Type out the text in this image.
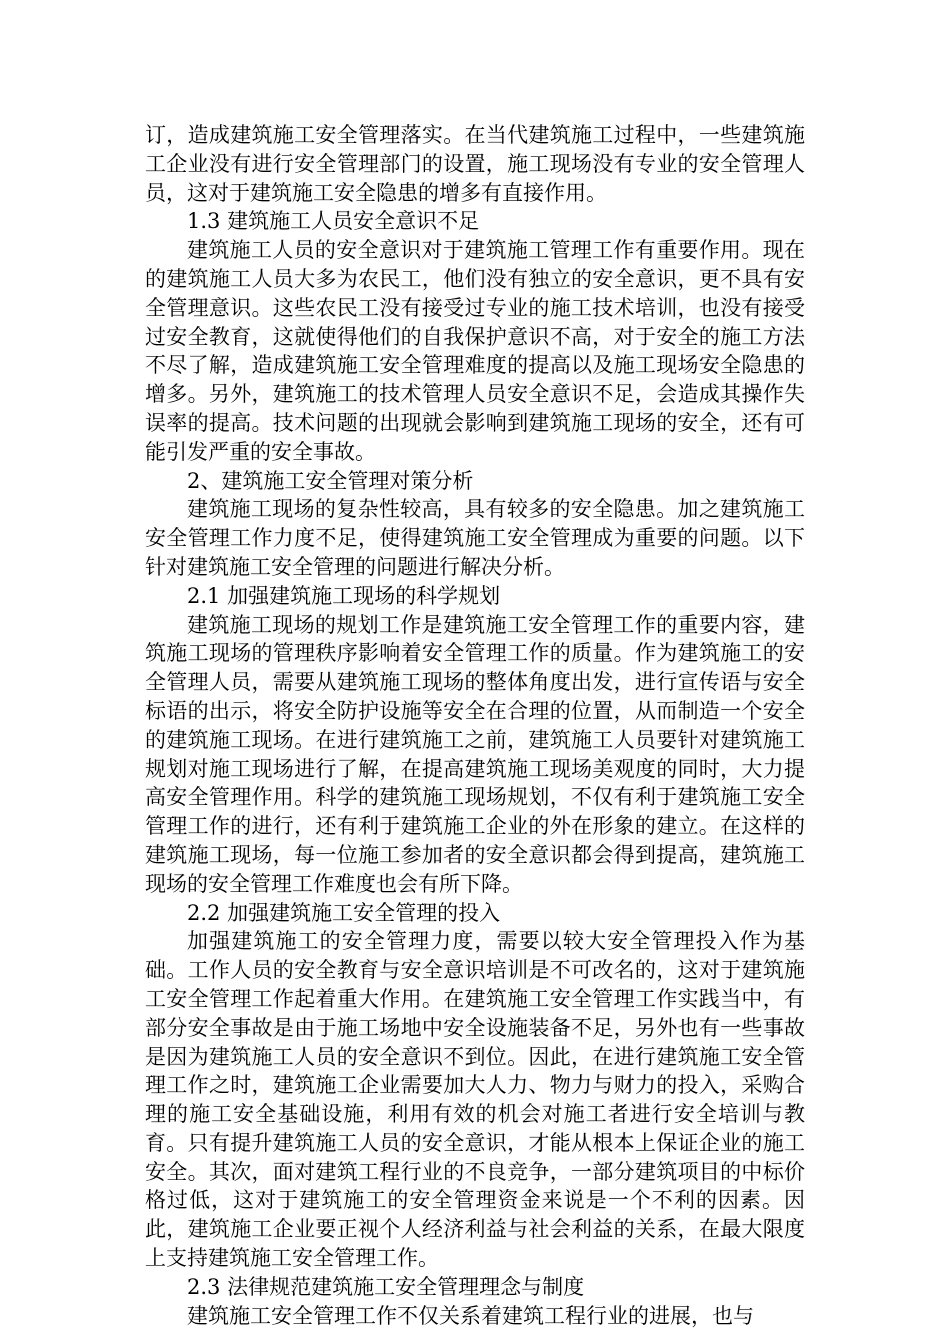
订，造成建筑施工安全管理落实。在当代建筑施工过程中，一些建筑施工企业没有进行安全管理部门的设置，施工现场没有专业的安全管理人员，这对于建筑施工安全隐患的增多有直接作用。

1.3 建筑施工人员安全意识不足

建筑施工人员的安全意识对于建筑施工管理工作有重要作用。现在的建筑施工人员大多为农民工，他们没有独立的安全意识，更不具有安全管理意识。这些农民工没有接受过专业的施工技术培训，也没有接受过安全教育，这就使得他们的自我保护意识不高，对于安全的施工方法不尽了解，造成建筑施工安全管理难度的提高以及施工现场安全隐患的增多。另外，建筑施工的技术管理人员安全意识不足，会造成其操作失误率的提高。技术问题的出现就会影响到建筑施工现场的安全，还有可能引发严重的安全事故。

2、建筑施工安全管理对策分析

建筑施工现场的复杂性较高，具有较多的安全隐患。加之建筑施工安全管理工作力度不足，使得建筑施工安全管理成为重要的问题。以下针对建筑施工安全管理的问题进行解决分析。

2.1 加强建筑施工现场的科学规划

建筑施工现场的规划工作是建筑施工安全管理工作的重要内容，建筑施工现场的管理秩序影响着安全管理工作的质量。作为建筑施工的安全管理人员，需要从建筑施工现场的整体角度出发，进行宣传语与安全标语的出示，将安全防护设施等安全在合理的位置，从而制造一个安全的建筑施工现场。在进行建筑施工之前，建筑施工人员要针对建筑施工规划对施工现场进行了解，在提高建筑施工现场美观度的同时，大力提高安全管理作用。科学的建筑施工现场规划，不仅有利于建筑施工安全管理工作的进行，还有利于建筑施工企业的外在形象的建立。在这样的建筑施工现场，每一位施工参加者的安全意识都会得到提高，建筑施工现场的安全管理工作难度也会有所下降。

2.2 加强建筑施工安全管理的投入

加强建筑施工的安全管理力度，需要以较大安全管理投入作为基础。工作人员的安全教育与安全意识培训是不可改名的，这对于建筑施工安全管理工作起着重大作用。在建筑施工安全管理工作实践当中，有部分安全事故是由于施工场地中安全设施装备不足，另外也有一些事故是因为建筑施工人员的安全意识不到位。因此，在进行建筑施工安全管理工作之时，建筑施工企业需要加大人力、物力与财力的投入，采购合理的施工安全基础设施，利用有效的机会对施工者进行安全培训与教育。只有提升建筑施工人员的安全意识，才能从根本上保证企业的施工安全。其次，面对建筑工程行业的不良竞争，一部分建筑项目的中标价格过低，这对于建筑施工的安全管理资金来说是一个不利的因素。因此，建筑施工企业要正视个人经济利益与社会利益的关系，在最大限度上支持建筑施工安全管理工作。

2.3 法律规范建筑施工安全管理理念与制度

建筑施工安全管理工作不仅关系着建筑工程行业的进展，也与
